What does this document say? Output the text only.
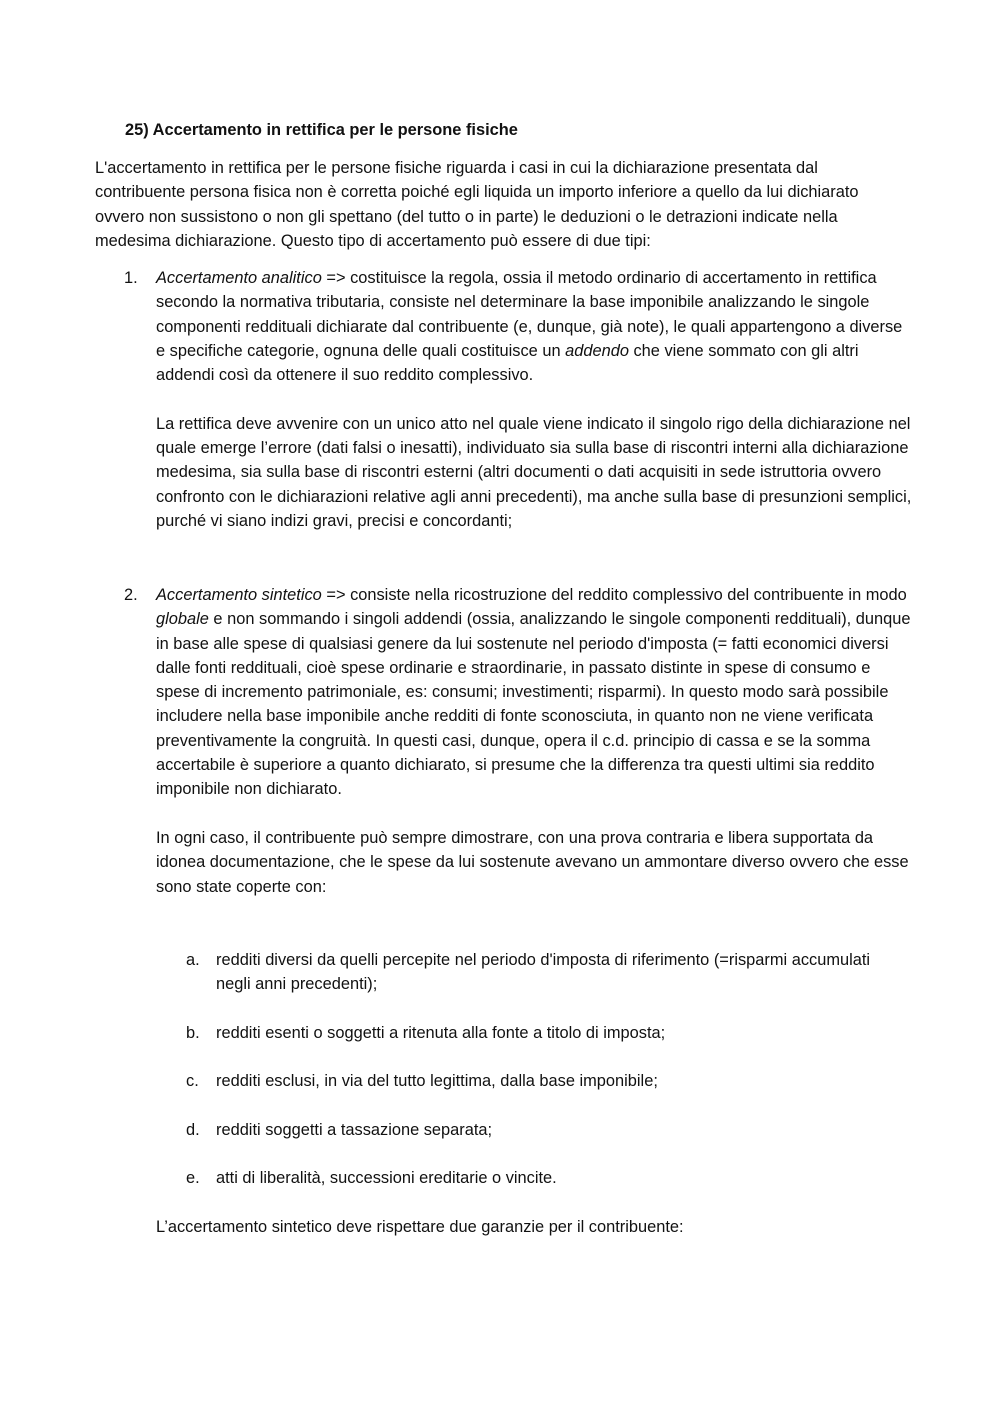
25) Accertamento in rettifica per le persone fisiche

L'accertamento in rettifica per le persone fisiche riguarda i casi in cui la dichiarazione presentata dal contribuente persona fisica non è corretta poiché egli liquida un importo inferiore a quello da lui dichiarato ovvero non sussistono o non gli spettano (del tutto o in parte) le deduzioni o le detrazioni indicate nella medesima dichiarazione. Questo tipo di accertamento può essere di due tipi:

1. Accertamento analitico => costituisce la regola, ossia il metodo ordinario di accertamento in rettifica secondo la normativa tributaria, consiste nel determinare la base imponibile analizzando le singole componenti reddituali dichiarate dal contribuente (e, dunque, già note), le quali appartengono a diverse e specifiche categorie, ognuna delle quali costituisce un addendo che viene sommato con gli altri addendi così da ottenere il suo reddito complessivo.

La rettifica deve avvenire con un unico atto nel quale viene indicato il singolo rigo della dichiarazione nel quale emerge l’errore (dati falsi o inesatti), individuato sia sulla base di riscontri interni alla dichiarazione medesima, sia sulla base di riscontri esterni (altri documenti o dati acquisiti in sede istruttoria ovvero confronto con le dichiarazioni relative agli anni precedenti), ma anche sulla base di presunzioni semplici, purché vi siano indizi gravi, precisi e concordanti;

2. Accertamento sintetico => consiste nella ricostruzione del reddito complessivo del contribuente in modo globale e non sommando i singoli addendi (ossia, analizzando le singole componenti reddituali), dunque in base alle spese di qualsiasi genere da lui sostenute nel periodo d'imposta (= fatti economici diversi dalle fonti reddituali, cioè spese ordinarie e straordinarie, in passato distinte in spese di consumo e spese di incremento patrimoniale, es: consumi; investimenti; risparmi). In questo modo sarà possibile includere nella base imponibile anche redditi di fonte sconosciuta, in quanto non ne viene verificata preventivamente la congruità. In questi casi, dunque, opera il c.d. principio di cassa e se la somma accertabile è superiore a quanto dichiarato, si presume che la differenza tra questi ultimi sia reddito imponibile non dichiarato.

In ogni caso, il contribuente può sempre dimostrare, con una prova contraria e libera supportata da idonea documentazione, che le spese da lui sostenute avevano un ammontare diverso ovvero che esse sono state coperte con:

a. redditi diversi da quelli percepite nel periodo d'imposta di riferimento (=risparmi accumulati negli anni precedenti);
b. redditi esenti o soggetti a ritenuta alla fonte a titolo di imposta;
c. redditi esclusi, in via del tutto legittima, dalla base imponibile;
d. redditi soggetti a tassazione separata;
e. atti di liberalità, successioni ereditarie o vincite.

L’accertamento sintetico deve rispettare due garanzie per il contribuente:
